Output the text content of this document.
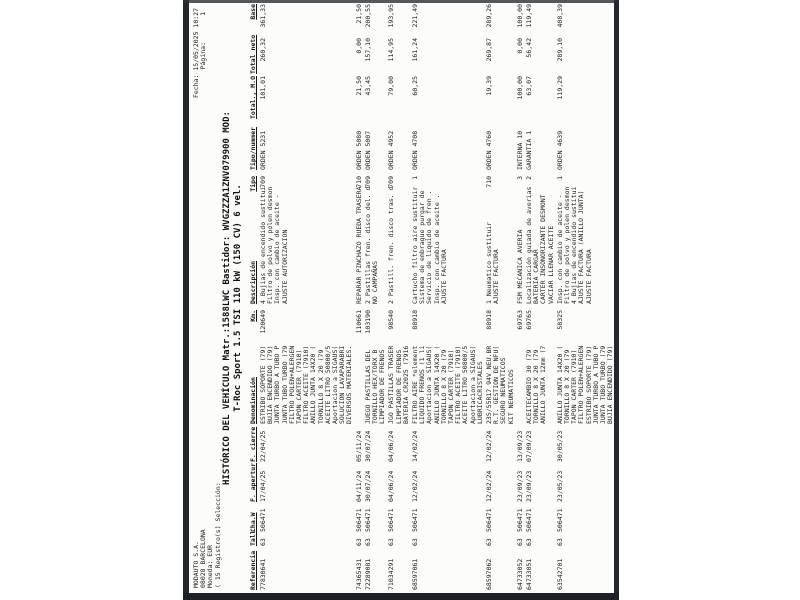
MODAUTO S.A. 08028 BARCELONA Moneda: EUR ( 15 Registro(s) Selección:
Fecha: 15/05/2025 10:27 Página:
1
HISTÓRICO DEL VEHÍCULO Matr.:1588LWC Bastidor: WVGZZZA1ZNV079900 MOD: T-Roc Sport 1.5 TSI 110 kW (150 CV) 6 vel.
Referencia
Tall
Cha.W
F. apertur
F. cierre
Denominación
Km.
Descripción
Tipo
Tipo/nummer
Total., M.O
Total neto
Base
77830641
63
506471
17/04/25
22/04/25
ESTRIBO SOPORTE (79) BUJIA ENCENDIDO (79) JUNTA TURBO A TUBO P JUNTA TUBO TURBO (79 FILTRO POLEN+ALERGEN TAPON CARTER (7910) FILTRO ACEITE (7910) ANILLO JUNTA 14X20 ( TORNILLO 8 X 20 (79 ACEITE LITRO 50800/5 Aportacion a SIGAUS( SOLUCION LAVAPARABRI DIVERSOS MATERIALES.
120649
4 Bujias de encendido sustitui Filtro de polvo y polen desmon Insp. con cambio de aceite - AJUSTE AUTORIZACION
709
ORDEN 5231
101,01
260,32
361,33
74365431
63
506471
04/11/24
05/11/24
110661
REPARAR PINCHAZO RUEDA TRASERA
710
ORDEN 5080
21,50
0,00
21,50
72289081
63
506471
30/07/24
30/07/24
JUEGO PASTILLAS DEL TORNILLO HEX/TORX B LIMPIADOR DE FRENOS
103190
2 Pastillas fren. disco del. d NO CAMPAÑAS
709
ORDEN 5007
43,45
157,10
200,55
71034291
63
506471
04/06/24
04/06/24
JGO PASTILLAS TRASER LIMPIADOR DE FRENOS BATERIA CR2025 (7916
98540
2 Pastill. fren. disco tras. d
709
ORDEN 4952
79,00
114,95
193,95
68597061
63
506471
12/02/24
14/02/24
FILTRO AIRE *element LIQUIDO FRENOS (1 li Aportacion a SIGAUS( ANILLO JUNTA 14X20 ( TORNILLO 8 X 20 (79 TAPON CARTER (7910) FILTRO ACEITE (7910) ACEITE LITRO 50800/5 Aportacion a SIGAUS( LUBRICACRISTALES
88918
Cartucho filtro aire sustituir Sistema de embrague purgar de Servicio de liquido de fren . Insp. con cambio de aceite . AJUSTE FACTURA
1
ORDEN 4708
60,25
161,24
221,49
68597062
63
506471
12/02/24
12/02/24
235/55R17 94V NEU.BR R.T. GESTION DE NFU( SEGURO NEUMATICOS KIT NEUMATICOS
88918
1 Neumatico sustituir AJUSTE FACTURA
710
ORDEN 4760
19,39
269,87
289,26
64733052
63
506471
23/09/23
13/09/23
69763
FSM MECANICA AVERIA
3
INTERNA 10
100,00
0,00
100,00
64733051
63
506471
23/09/23
07/09/23
ACEITECAMBIO 30 (79 TORNILLO 8 X 20 (79 ANILLO JUNTA 12mm (7
69765
Localización guiada de averias BATERIA CARGAR CARTER INSONORIZANTE DESMONT VACIAR LLENAR ACEITE
2
GARANTIA 1
63,07
56,42
119,49
63542701
63
506471
23/05/23
30/05/23
ANILLO JUNTA 14X20 ( TORNILLO 8 X 20 (79 TAPON CARTER (7910) FILTRO POLEN+ALERGEN ESTRIBO SOPORTE (79) JUNTA TURBO A TUBO P JUNTA TUBO TURBO (79 BUJIA ENCENDIDO (79)
58325
Insp. con cambio de aceite - Filtro de polvo y polen desmon 4 Bujias de encendido sustitui AJUSTE FACTURA (ANILLO JUNTA) AJUSTE FACTURA
1
ORDEN 4639
119,29
289,10
408,39
